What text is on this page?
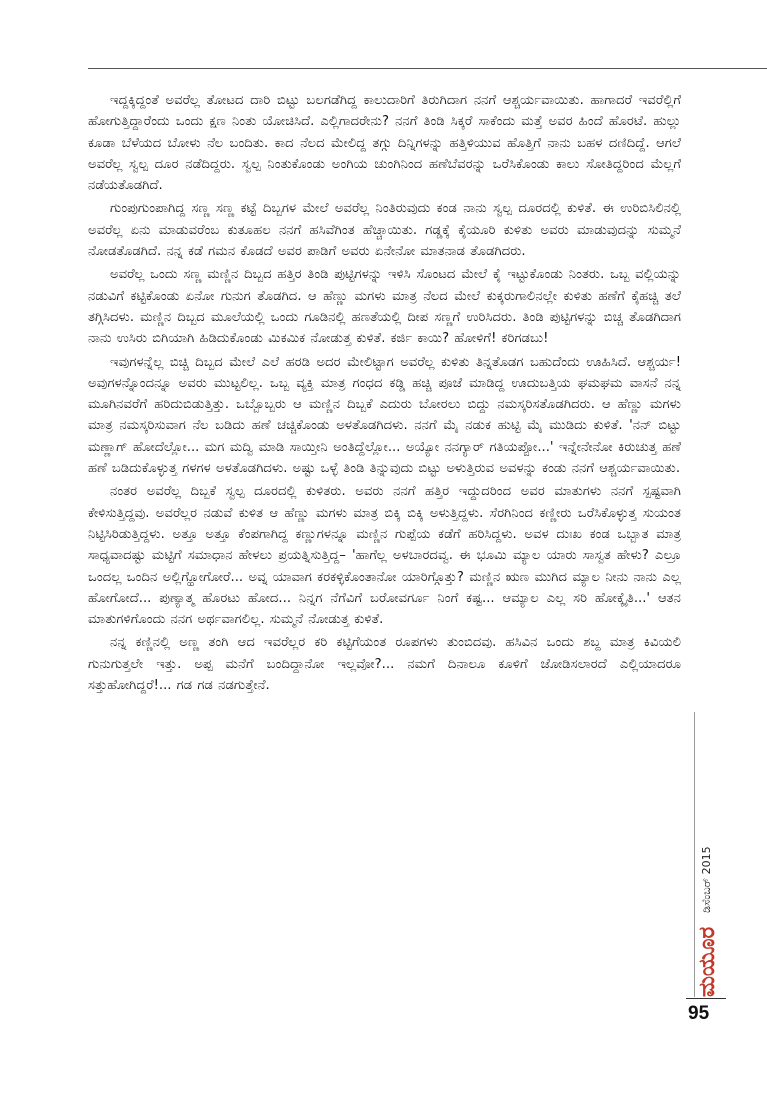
ಇದ್ದಕ್ಕಿದ್ದಂತೆ ಅವರೆಲ್ಲ ತೋಟದ ದಾರಿ ಬಿಟ್ಟು ಬಲಗಡೆಗಿದ್ದ ಕಾಲುದಾರಿಗೆ ತಿರುಗಿದಾಗ ನನಗೆ ಆಶ್ಚರ್ಯವಾಯಿತು. ಹಾಗಾದರೆ ಇವರೆಲ್ಲಿಗೆ ಹೋಗುತ್ತಿದ್ದಾರೆಂದು ಒಂದು ಕ್ಷಣ ನಿಂತು ಯೋಚಿಸಿದೆ. ಎಲ್ಲಿಗಾದರೇನು? ನನಗೆ ತಿಂಡಿ ಸಿಕ್ಕರೆ ಸಾಕೆಂದು ಮತ್ತೆ ಅವರ ಹಿಂದೆ ಹೊರಟೆ. ಹುಲ್ಲು ಕೂಡಾ ಬೆಳೆಯದ ಬೋಳು ನೆಲ ಬಂದಿತು. ಕಾದ ನೆಲದ ಮೇಲಿದ್ದ ತಗ್ಗು ದಿನ್ನಿಗಳನ್ನು ಹತ್ತಿಳಿಯುವ ಹೊತ್ತಿಗೆ ನಾನು ಬಹಳ ದಣಿದಿದ್ದೆ. ಆಗಲೆ ಅವರೆಲ್ಲ ಸ್ವಲ್ಪ ದೂರ ನಡೆದಿದ್ದರು. ಸ್ವಲ್ಪ ನಿಂತುಕೊಂಡು ಅಂಗಿಯ ಚುಂಗಿನಿಂದ ಹಣೆಬೆವರನ್ನು ಒರೆಸಿಕೊಂಡು ಕಾಲು ಸೋತಿದ್ದರಿಂದ ಮೆಲ್ಲಗೆ ನಡೆಯತೊಡಗಿದೆ.

ಗುಂಪುಗುಂಪಾಗಿದ್ದ ಸಣ್ಣ ಸಣ್ಣ ಕಟ್ಟೆ ದಿಬ್ಬಗಳ ಮೇಲೆ ಅವರೆಲ್ಲ ನಿಂತಿರುವುದು ಕಂಡ ನಾನು ಸ್ವಲ್ಪ ದೂರದಲ್ಲಿ ಕುಳಿತೆ. ಈ ಉರಿಬಿಸಿಲಿನಲ್ಲಿ ಅವರೆಲ್ಲ ಏನು ಮಾಡುವರೆಂಬ ಕುತೂಹಲ ನನಗೆ ಹಸಿವೆಗಿಂತ ಹೆಚ್ಚಾಯಿತು. ಗಡ್ಡಕ್ಕೆ ಕೈಯೂರಿ ಕುಳಿತು ಅವರು ಮಾಡುವುದನ್ನು ಸುಮ್ಮನೆ ನೋಡತೊಡಗಿದೆ. ನನ್ನ ಕಡೆ ಗಮನ ಕೊಡದೆ ಅವರ ಪಾಡಿಗೆ ಅವರು ಏನೇನೋ ಮಾತನಾಡ ತೊಡಗಿದರು.

ಅವರೆಲ್ಲ ಒಂದು ಸಣ್ಣ ಮಣ್ಣಿನ ದಿಬ್ಬದ ಹತ್ತಿರ ತಿಂಡಿ ಪುಟ್ಟಿಗಳನ್ನು ಇಳಿಸಿ ಸೊಂಟದ ಮೇಲೆ ಕೈ ಇಟ್ಟುಕೊಂಡು ನಿಂತರು. ಒಬ್ಬ ವಲ್ಲಿಯನ್ನು ನಡುವಿಗೆ ಕಟ್ಟಿಕೊಂಡು ಏನೋ ಗುನುಗ ತೊಡಗಿದ. ಆ ಹೆಣ್ಣು ಮಗಳು ಮಾತ್ರ ನೆಲದ ಮೇಲೆ ಕುಕ್ಕರುಗಾಲಿನಲ್ಲೇ ಕುಳಿತು ಹಣೆಗೆ ಕೈಹಚ್ಚಿ ತಲೆ ತಗ್ಗಿಸಿದಳು. ಮಣ್ಣಿನ ದಿಬ್ಬದ ಮೂಲೆಯಲ್ಲಿ ಒಂದು ಗೂಡಿನಲ್ಲಿ ಹಣತೆಯಲ್ಲಿ ದೀಪ ಸಣ್ಣಗೆ ಉರಿಸಿದರು. ತಿಂಡಿ ಪುಟ್ಟಿಗಳನ್ನು ಬಿಚ್ಚ ತೊಡಗಿದಾಗ ನಾನು ಉಸಿರು ಬಿಗಿಯಾಗಿ ಹಿಡಿದುಕೊಂಡು ಮಿಕಮಿಕ ನೋಡುತ್ತ ಕುಳಿತೆ. ಕರ್ಜಿ ಕಾಯಿ? ಹೋಳಿಗೆ! ಕರಿಗಡಬು!

ಇವುಗಳನ್ನೆಲ್ಲ ಬಿಚ್ಚಿ ದಿಬ್ಬದ ಮೇಲೆ ಎಲೆ ಹರಡಿ ಅದರ ಮೇಲಿಟ್ಟಾಗ ಅವರೆಲ್ಲ ಕುಳಿತು ತಿನ್ನತೊಡಗ ಬಹುದೆಂದು ಊಹಿಸಿದೆ. ಆಶ್ಚರ್ಯ! ಅವುಗಳನ್ನೊಂದನ್ನೂ ಅವರು ಮುಟ್ಟಲಿಲ್ಲ. ಒಬ್ಬ ವ್ಯಕ್ತಿ ಮಾತ್ರ ಗಂಧದ ಕಡ್ಡಿ ಹಚ್ಚಿ ಪೂಜೆ ಮಾಡಿದ್ದ ಊದುಬತ್ತಿಯ ಘಮಘಮ ವಾಸನೆ ನನ್ನ ಮೂಗಿನವರೆಗೆ ಹರಿದುಬಿಡುತ್ತಿತ್ತು. ಒಬ್ಬೊಬ್ಬರು ಆ ಮಣ್ಣಿನ ದಿಬ್ಬಕೆ ಎದುರು ಬೋರಲು ಬಿದ್ದು ನಮಸ್ಕರಿಸತೊಡಗಿದರು. ಆ ಹೆಣ್ಣು ಮಗಳು ಮಾತ್ರ ನಮಸ್ಕರಿಸುವಾಗ ನೆಲ ಬಡಿದು ಹಣೆ ಚಚ್ಚಿಕೊಂಡು ಅಳತೊಡಗಿದಳು. ನನಗೆ ಮೈ ನಡುಕ ಹುಟ್ಟಿ ಮೈ ಮುಡಿದು ಕುಳಿತೆ. 'ನನ್ ಬಿಟ್ಟು ಮಣ್ಣಾಗ್ ಹೋದೆಲ್ಲೋ... ಮಗ ಮದ್ವಿ ಮಾಡಿ ಸಾಯ್ತೀನಿ ಅಂತಿದ್ದೆಲ್ಲೋ... ಅಯ್ಯೋ ನನಗ್ಯಾರ್ ಗತಿಯಪ್ಪೋ...' ಇನ್ನೇನೇನೋ ಕಿರುಚುತ್ತ ಹಣೆ ಹಣೆ ಬಡಿದುಕೊಳ್ಳುತ್ತ ಗಳಗಳ ಅಳತೊಡಗಿದಳು. ಅಷ್ಟು ಒಳ್ಳೆ ತಿಂಡಿ ತಿನ್ನುವುದು ಬಿಟ್ಟು ಅಳುತ್ತಿರುವ ಅವಳನ್ನು ಕಂಡು ನನಗೆ ಆಶ್ಚರ್ಯವಾಯಿತು.

ನಂತರ ಅವರೆಲ್ಲ ದಿಬ್ಬಕೆ ಸ್ವಲ್ಪ ದೂರದಲ್ಲಿ ಕುಳಿತರು. ಅವರು ನನಗೆ ಹತ್ತಿರ ಇದ್ದುದರಿಂದ ಅವರ ಮಾತುಗಳು ನನಗೆ ಸ್ಪಷ್ಟವಾಗಿ ಕೇಳಿಸುತ್ತಿದ್ದವು. ಅವರೆಲ್ಲರ ನಡುವೆ ಕುಳಿತ ಆ ಹೆಣ್ಣು ಮಗಳು ಮಾತ್ರ ಬಿಕ್ಕಿ ಬಿಕ್ಕಿ ಅಳುತ್ತಿದ್ದಳು. ಸೆರಗಿನಿಂದ ಕಣ್ಣೀರು ಒರೆಸಿಕೊಳ್ಳುತ್ತ ಸುಯಂತ ನಿಟ್ಟಿಸಿರಿಡುತ್ತಿದ್ದಳು. ಅತ್ತೂ ಅತ್ತೂ ಕೆಂಪಗಾಗಿದ್ದ ಕಣ್ಣುಗಳನ್ನೂ ಮಣ್ಣಿನ ಗುಪ್ಪೆಯ ಕಡೆಗೆ ಹರಿಸಿದ್ದಳು. ಅವಳ ದುಃಖ ಕಂಡ ಒಬ್ಬಾತ ಮಾತ್ರ ಸಾಧ್ಯವಾದಷ್ಟು ಮಟ್ಟಿಗೆ ಸಮಾಧಾನ ಹೇಳಲು ಪ್ರಯತ್ನಿಸುತ್ತಿದ್ದ– 'ಹಾಗೆಲ್ಲ ಅಳಬಾರದವ್ವ. ಈ ಭೂಮಿ ಮ್ಯಾಲ ಯಾರು ಸಾಸ್ವತ ಹೇಳು? ಎಲ್ರೂ ಒಂದಲ್ಲ ಒಂದಿನ ಅಲ್ಲಿಗ್ಹೋಗೋರೆ... ಅವ್ನ ಯಾವಾಗ ಕರಕಳ್ಳಿಕೊಂತಾನೋ ಯಾರಿಗ್ಗೊತ್ತು? ಮಣ್ಣಿನ ಋಣ ಮುಗಿದ ಮ್ಯಾಲ ನೀನು ನಾನು ಎಲ್ಲ ಹೋಗೋದೆ... ಪುಣ್ಯಾತ್ಮ ಹೊರಟು ಹೋದ... ನಿನ್ನಗ ನೆಗೆವಿಗೆ ಬರೋವರ್ಗೂ ನಿಂಗೆ ಕಷ್ಟ... ಆಮ್ಯಾಲ ಎಲ್ಲ ಸರಿ ಹೋಕ್ಕೈತಿ...' ಆತನ ಮಾತುಗಳಿಗೊಂದು ನನಗ ಅರ್ಥವಾಗಲಿಲ್ಲ. ಸುಮ್ಮನೆ ನೋಡುತ್ತ ಕುಳಿತೆ.

ನನ್ನ ಕಣ್ಣಿನಲ್ಲಿ ಅಣ್ಣ ತಂಗಿ ಆದ ಇವರೆಲ್ಲರ ಕರಿ ಕಟ್ಟಿಗೆಯಂತ ರೂಪಗಳು ತುಂಬಿದವು. ಹಸಿವಿನ ಒಂದು ಶಬ್ದ ಮಾತ್ರ ಕಿವಿಯಲಿ ಗುನುಗುತ್ತಲೇ ಇತ್ತು. ಅಪ್ಪ ಮನೆಗೆ ಬಂದಿದ್ದಾನೋ ಇಲ್ಲವೋ?... ನಮಗೆ ದಿನಾಲೂ ಕೂಳಿಗೆ ಜೋಡಿಸಲಾರದೆ ಎಲ್ಲಿಯಾದರೂ ಸತ್ತುಹೋಗಿದ್ದರೆ!... ಗಡ ಗಡ ನಡಗುತ್ತೇನೆ.

ಮಯೂರ
ಡಿಸೆಂಬರ್ 2015
95
